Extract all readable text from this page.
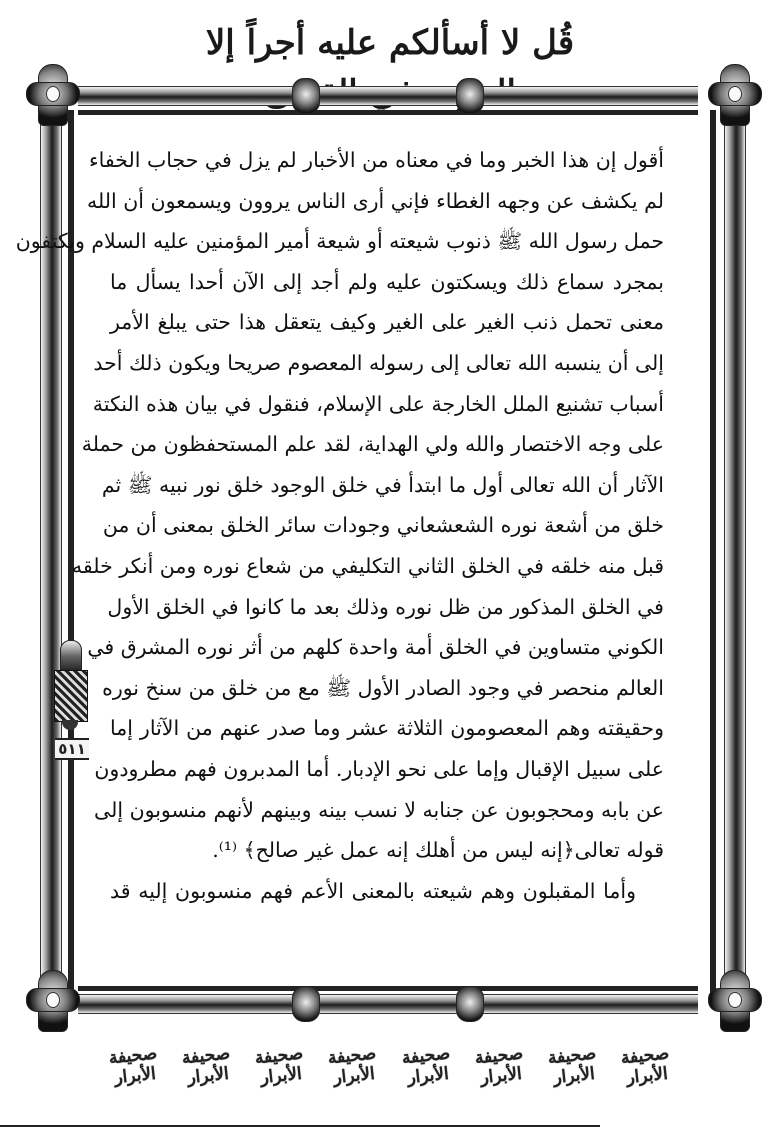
قُل لا أسألكم عليه أجراً إلا
٥١١
أقول إن هذا الخبر وما في معناه من الأخبار لم يزل في حجاب الخفاء
لم يكشف عن وجهه الغطاء فإني أرى الناس يروون ويسمعون أن الله
حمل رسول الله ﷺ ذنوب شيعته أو شيعة أمير المؤمنين عليه السلام ويكتفون
بمجرد سماع ذلك ويسكتون عليه ولم أجد إلى الآن أحدا يسأل ما
معنى تحمل ذنب الغير على الغير وكيف يتعقل هذا حتى يبلغ الأمر
إلى أن ينسبه الله تعالى إلى رسوله المعصوم صريحا ويكون ذلك أحد
أسباب تشنيع الملل الخارجة على الإسلام، فنقول في بيان هذه النكتة
على وجه الاختصار والله ولي الهداية، لقد علم المستحفظون من حملة
الآثار أن الله تعالى أول ما ابتدأ في خلق الوجود خلق نور نبيه ﷺ ثم
خلق من أشعة نوره الشعشعاني وجودات سائر الخلق بمعنى أن من
قبل منه خلقه في الخلق الثاني التكليفي من شعاع نوره ومن أنكر خلقه
في الخلق المذكور من ظل نوره وذلك بعد ما كانوا في الخلق الأول
الكوني متساوين في الخلق أمة واحدة كلهم من أثر نوره المشرق في
العالم منحصر في وجود الصادر الأول ﷺ مع من خلق من سنخ نوره
وحقيقته وهم المعصومون الثلاثة عشر وما صدر عنهم من الآثار إما
على سبيل الإقبال وإما على نحو الإدبار. أما المدبرون فهم مطرودون
عن بابه ومحجوبون عن جنابه لا نسب بينه وبينهم لأنهم منسوبون إلى
قوله تعالى﴿إنه ليس من أهلك إنه عمل غير صالح﴾ ⁽¹⁾.
وأما المقبلون وهم شيعته بالمعنى الأعم فهم منسوبون إليه قد
صحيفة الأبرار
صحيفة الأبرار
صحيفة الأبرار
صحيفة الأبرار
صحيفة الأبرار
صحيفة الأبرار
صحيفة الأبرار
صحيفة الأبرار
